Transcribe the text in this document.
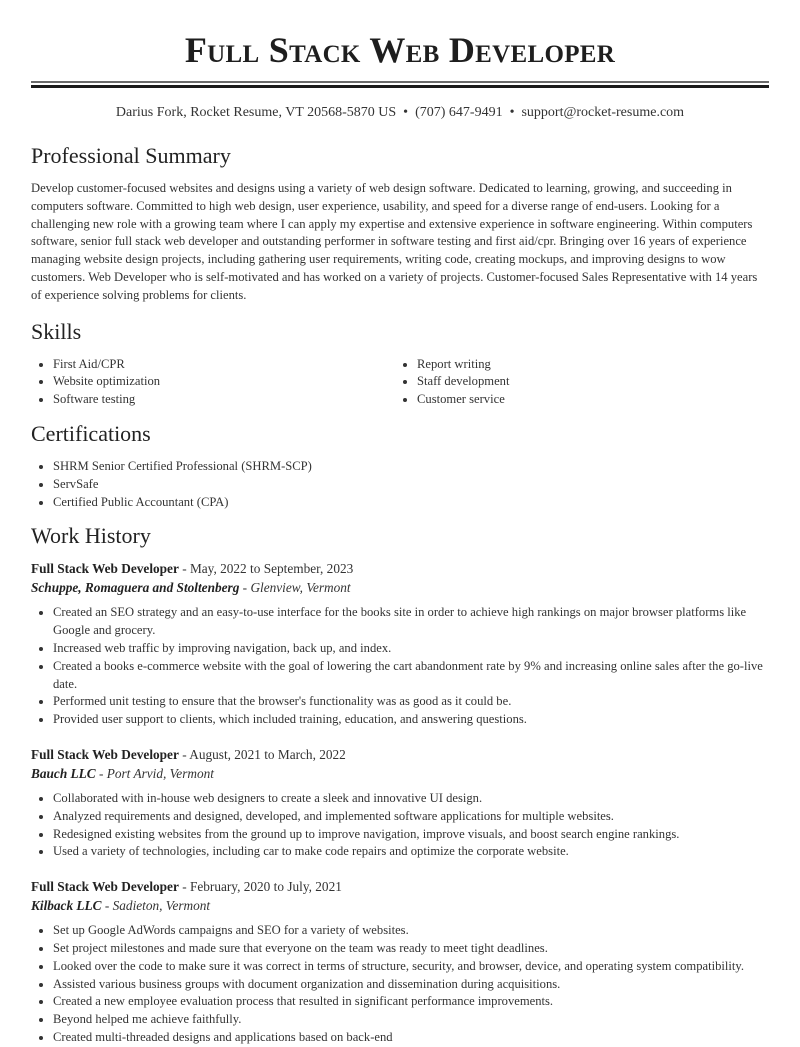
Full Stack Web Developer
Darius Fork, Rocket Resume, VT 20568-5870 US • (707) 647-9491 • support@rocket-resume.com
Professional Summary

Develop customer-focused websites and designs using a variety of web design software. Dedicated to learning, growing, and succeeding in computers software. Committed to high web design, user experience, usability, and speed for a diverse range of end-users. Looking for a challenging new role with a growing team where I can apply my expertise and extensive experience in software engineering. Within computers software, senior full stack web developer and outstanding performer in software testing and first aid/cpr. Bringing over 16 years of experience managing website design projects, including gathering user requirements, writing code, creating mockups, and improving designs to wow customers. Web Developer who is self-motivated and has worked on a variety of projects. Customer-focused Sales Representative with 14 years of experience solving problems for clients.

Skills
• First Aid/CPR
• Website optimization
• Software testing
• Report writing
• Staff development
• Customer service
Certifications
• SHRM Senior Certified Professional (SHRM-SCP)
• ServSafe
• Certified Public Accountant (CPA)
Work History
Full Stack Web Developer - May, 2022 to September, 2023
Schuppe, Romaguera and Stoltenberg - Glenview, Vermont
• Created an SEO strategy and an easy-to-use interface for the books site in order to achieve high rankings on major browser platforms like Google and grocery.
• Increased web traffic by improving navigation, back up, and index.
• Created a books e-commerce website with the goal of lowering the cart abandonment rate by 9% and increasing online sales after the go-live date.
• Performed unit testing to ensure that the browser's functionality was as good as it could be.
• Provided user support to clients, which included training, education, and answering questions.
Full Stack Web Developer - August, 2021 to March, 2022
Bauch LLC - Port Arvid, Vermont
• Collaborated with in-house web designers to create a sleek and innovative UI design.
• Analyzed requirements and designed, developed, and implemented software applications for multiple websites.
• Redesigned existing websites from the ground up to improve navigation, improve visuals, and boost search engine rankings.
• Used a variety of technologies, including car to make code repairs and optimize the corporate website.
Full Stack Web Developer - February, 2020 to July, 2021
Kilback LLC - Sadieton, Vermont
• Set up Google AdWords campaigns and SEO for a variety of websites.
• Set project milestones and made sure that everyone on the team was ready to meet tight deadlines.
• Looked over the code to make sure it was correct in terms of structure, security, and browser, device, and operating system compatibility.
• Assisted various business groups with document organization and dissemination during acquisitions.
• Created a new employee evaluation process that resulted in significant performance improvements.
• Beyond helped me achieve faithfully.
• Created multi-threaded designs and applications based on back-end
